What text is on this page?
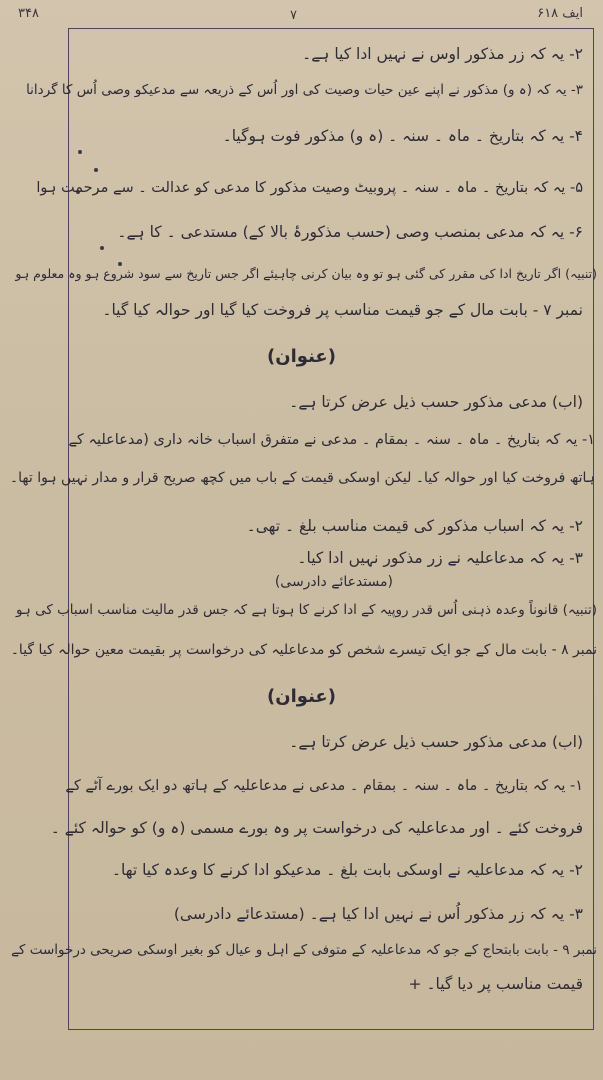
۳۴۸	۷	ایف ۶۱۸
۲- یہ کہ زر مذکور اوس نے نہیں ادا کیا ہے۔
۳- یہ کہ (ہ و) مذکور نے اپنے عین حیات وصیت کی اور اُس کے ذریعہ سے مدعیکو وصی اُس کا گردانا
۴- یہ کہ بتاریخ ۔ ماہ ۔ سنہ ۔ (ہ و) مذکور فوت ہوگیا۔
۵- یہ کہ بتاریخ ۔ ماہ ۔ سنہ ۔ پروبیٹ وصیت مذکور کا مدعی کو عدالت ۔ سے مرحمت ہوا
۶- یہ کہ مدعی بمنصب وصی (حسب مذکورۂ بالا کے) مستدعی ۔ کا ہے۔
(تنبیہ) اگر تاریخ ادا کی مقرر کی گئی ہو تو وہ بیان کرنی چاہیئے اگر جس تاریخ سے سود شروع ہو وہ معلوم ہو
نمبر ۷ - بابت مال کے جو قیمت مناسب پر فروخت کیا گیا اور حوالہ کیا گیا۔
(عنوان)
(اب) مدعی مذکور حسب ذیل عرض کرتا ہے۔
۱- یہ کہ بتاریخ ۔ ماہ ۔ سنہ ۔ بمقام ۔ مدعی نے متفرق اسباب خانہ داری (مدعاعلیہ کے
ہاتھ فروخت کیا اور حوالہ کیا۔ لیکن اوسکی قیمت کے باب میں کچھ صریح قرار و مدار نہیں ہوا تھا۔
۲- یہ کہ اسباب مذکور کی قیمت مناسب بلغ ۔ تھی۔
۳- یہ کہ مدعاعلیہ نے زر مذکور نہیں ادا کیا۔
(مستدعائے دادرسی)
(تنبیہ) قانوناً وعدہ ذہنی اُس قدر روپیہ کے ادا کرنے کا ہوتا ہے کہ جس قدر مالیت مناسب اسباب کی ہو
نمبر ۸ - بابت مال کے جو ایک تیسرے شخص کو مدعاعلیہ کی درخواست پر بقیمت معین حوالہ کیا گیا۔
(عنوان)
(اب) مدعی مذکور حسب ذیل عرض کرتا ہے۔
۱- یہ کہ بتاریخ ۔ ماہ ۔ سنہ ۔ بمقام ۔ مدعی نے مدعاعلیہ کے ہاتھ دو ایک بورے آٹے کے
فروخت کئے ۔ اور مدعاعلیہ کی درخواست پر وہ بورے مسمی (ہ و) کو حوالہ کئے ۔
۲- یہ کہ مدعاعلیہ نے اوسکی بابت بلغ ۔ مدعیکو ادا کرنے کا وعدہ کیا تھا۔
۳- یہ کہ زر مذکور اُس نے نہیں ادا کیا ہے۔ (مستدعائے دادرسی)
نمبر ۹ - بابت بابتحاج کے جو کہ مدعاعلیہ کے متوفی کے اہل و عیال کو بغیر اوسکی صریحی درخواست کے
قیمت مناسب پر دیا گیا۔ +
